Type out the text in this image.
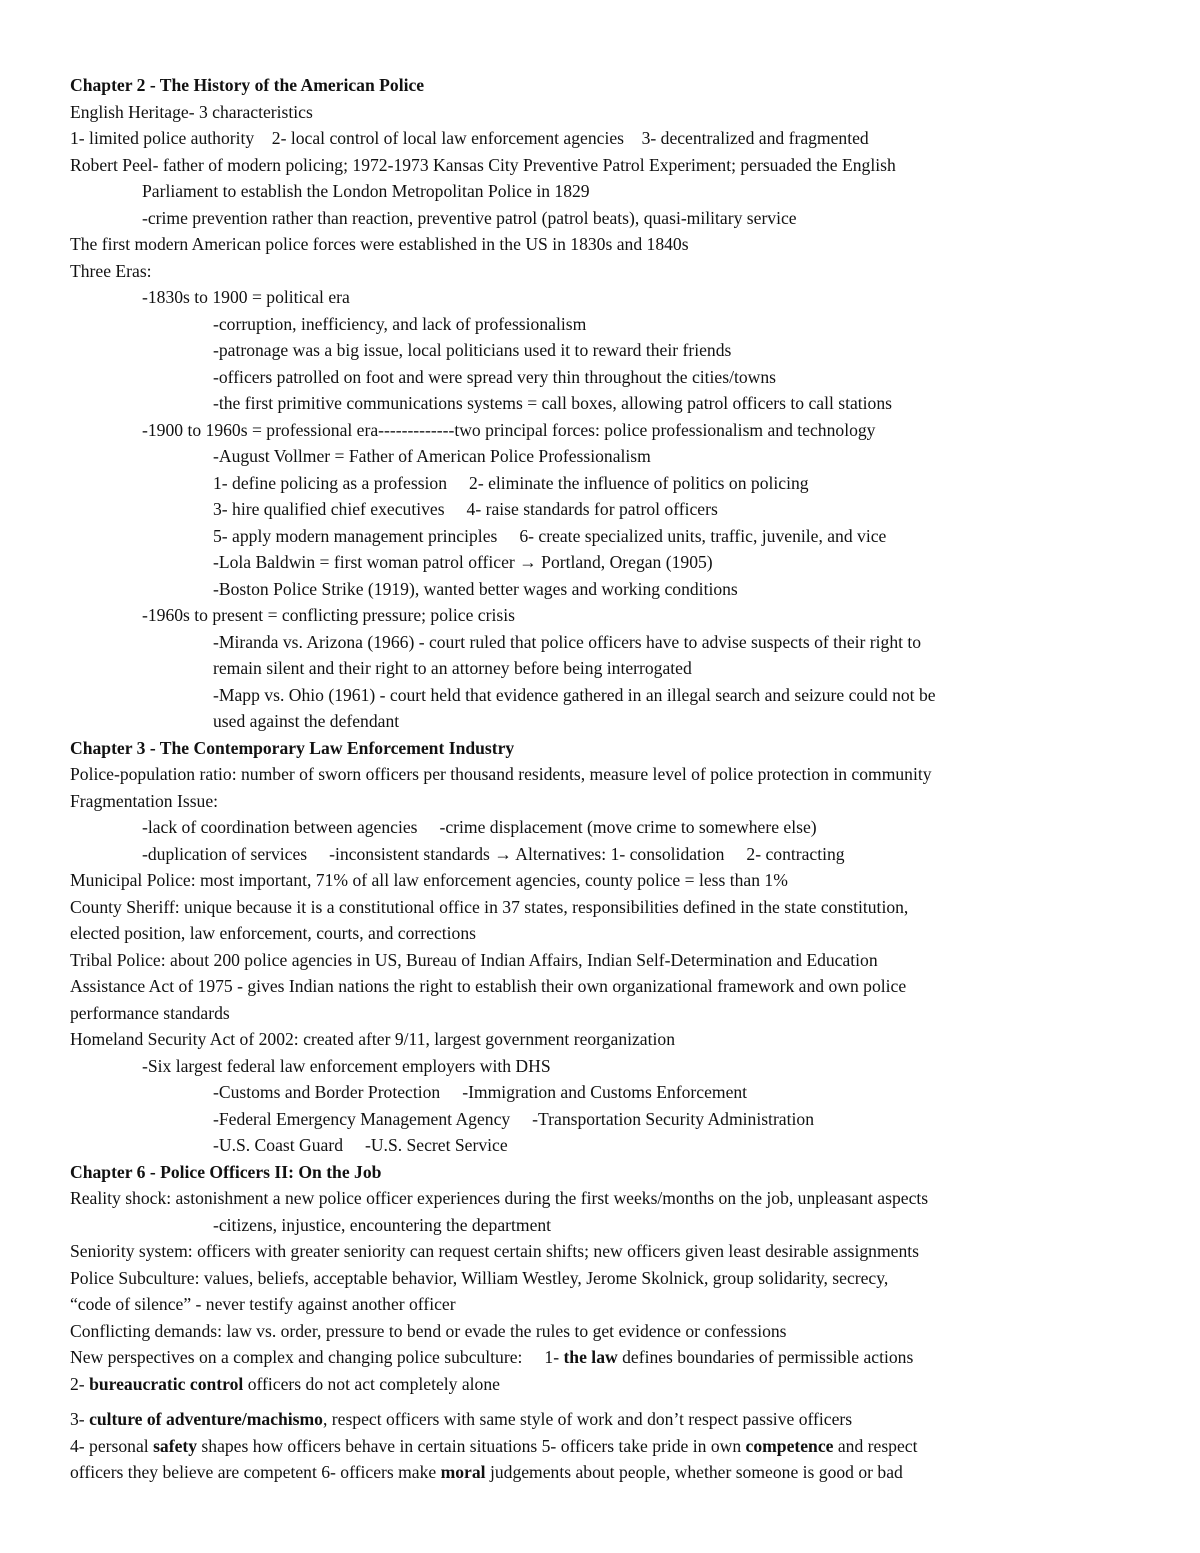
Chapter 2 - The History of the American Police
English Heritage- 3 characteristics
1- limited police authority    2- local control of local law enforcement agencies    3- decentralized and fragmented
Robert Peel- father of modern policing; 1972-1973 Kansas City Preventive Patrol Experiment; persuaded the English
Parliament to establish the London Metropolitan Police in 1829
-crime prevention rather than reaction, preventive patrol (patrol beats), quasi-military service
The first modern American police forces were established in the US in 1830s and 1840s
Three Eras:
-1830s to 1900 = political era
-corruption, inefficiency, and lack of professionalism
-patronage was a big issue, local politicians used it to reward their friends
-officers patrolled on foot and were spread very thin throughout the cities/towns
-the first primitive communications systems = call boxes, allowing patrol officers to call stations
-1900 to 1960s = professional era-------------two principal forces: police professionalism and technology
-August Vollmer = Father of American Police Professionalism
1- define policing as a profession     2- eliminate the influence of politics on policing
3- hire qualified chief executives     4- raise standards for patrol officers
5- apply modern management principles     6- create specialized units, traffic, juvenile, and vice
-Lola Baldwin = first woman patrol officer → Portland, Oregan (1905)
-Boston Police Strike (1919), wanted better wages and working conditions
-1960s to present = conflicting pressure; police crisis
-Miranda vs. Arizona (1966) - court ruled that police officers have to advise suspects of their right to
remain silent and their right to an attorney before being interrogated
-Mapp vs. Ohio (1961) - court held that evidence gathered in an illegal search and seizure could not be
used against the defendant
Chapter 3 - The Contemporary Law Enforcement Industry
Police-population ratio: number of sworn officers per thousand residents, measure level of police protection in community
Fragmentation Issue:
-lack of coordination between agencies     -crime displacement (move crime to somewhere else)
-duplication of services     -inconsistent standards → Alternatives: 1- consolidation     2- contracting
Municipal Police: most important, 71% of all law enforcement agencies, county police = less than 1%
County Sheriff: unique because it is a constitutional office in 37 states, responsibilities defined in the state constitution,
elected position, law enforcement, courts, and corrections
Tribal Police: about 200 police agencies in US, Bureau of Indian Affairs, Indian Self-Determination and Education
Assistance Act of 1975 - gives Indian nations the right to establish their own organizational framework and own police
performance standards
Homeland Security Act of 2002: created after 9/11, largest government reorganization
-Six largest federal law enforcement employers with DHS
-Customs and Border Protection     -Immigration and Customs Enforcement
-Federal Emergency Management Agency     -Transportation Security Administration
-U.S. Coast Guard     -U.S. Secret Service
Chapter 6 - Police Officers II: On the Job
Reality shock: astonishment a new police officer experiences during the first weeks/months on the job, unpleasant aspects
-citizens, injustice, encountering the department
Seniority system: officers with greater seniority can request certain shifts; new officers given least desirable assignments
Police Subculture: values, beliefs, acceptable behavior, William Westley, Jerome Skolnick, group solidarity, secrecy,
“code of silence” - never testify against another officer
Conflicting demands: law vs. order, pressure to bend or evade the rules to get evidence or confessions
New perspectives on a complex and changing police subculture:     1- the law defines boundaries of permissible actions
2- bureaucratic control officers do not act completely alone
3- culture of adventure/machismo, respect officers with same style of work and don’t respect passive officers
4- personal safety shapes how officers behave in certain situations 5- officers take pride in own competence and respect
officers they believe are competent 6- officers make moral judgements about people, whether someone is good or bad
